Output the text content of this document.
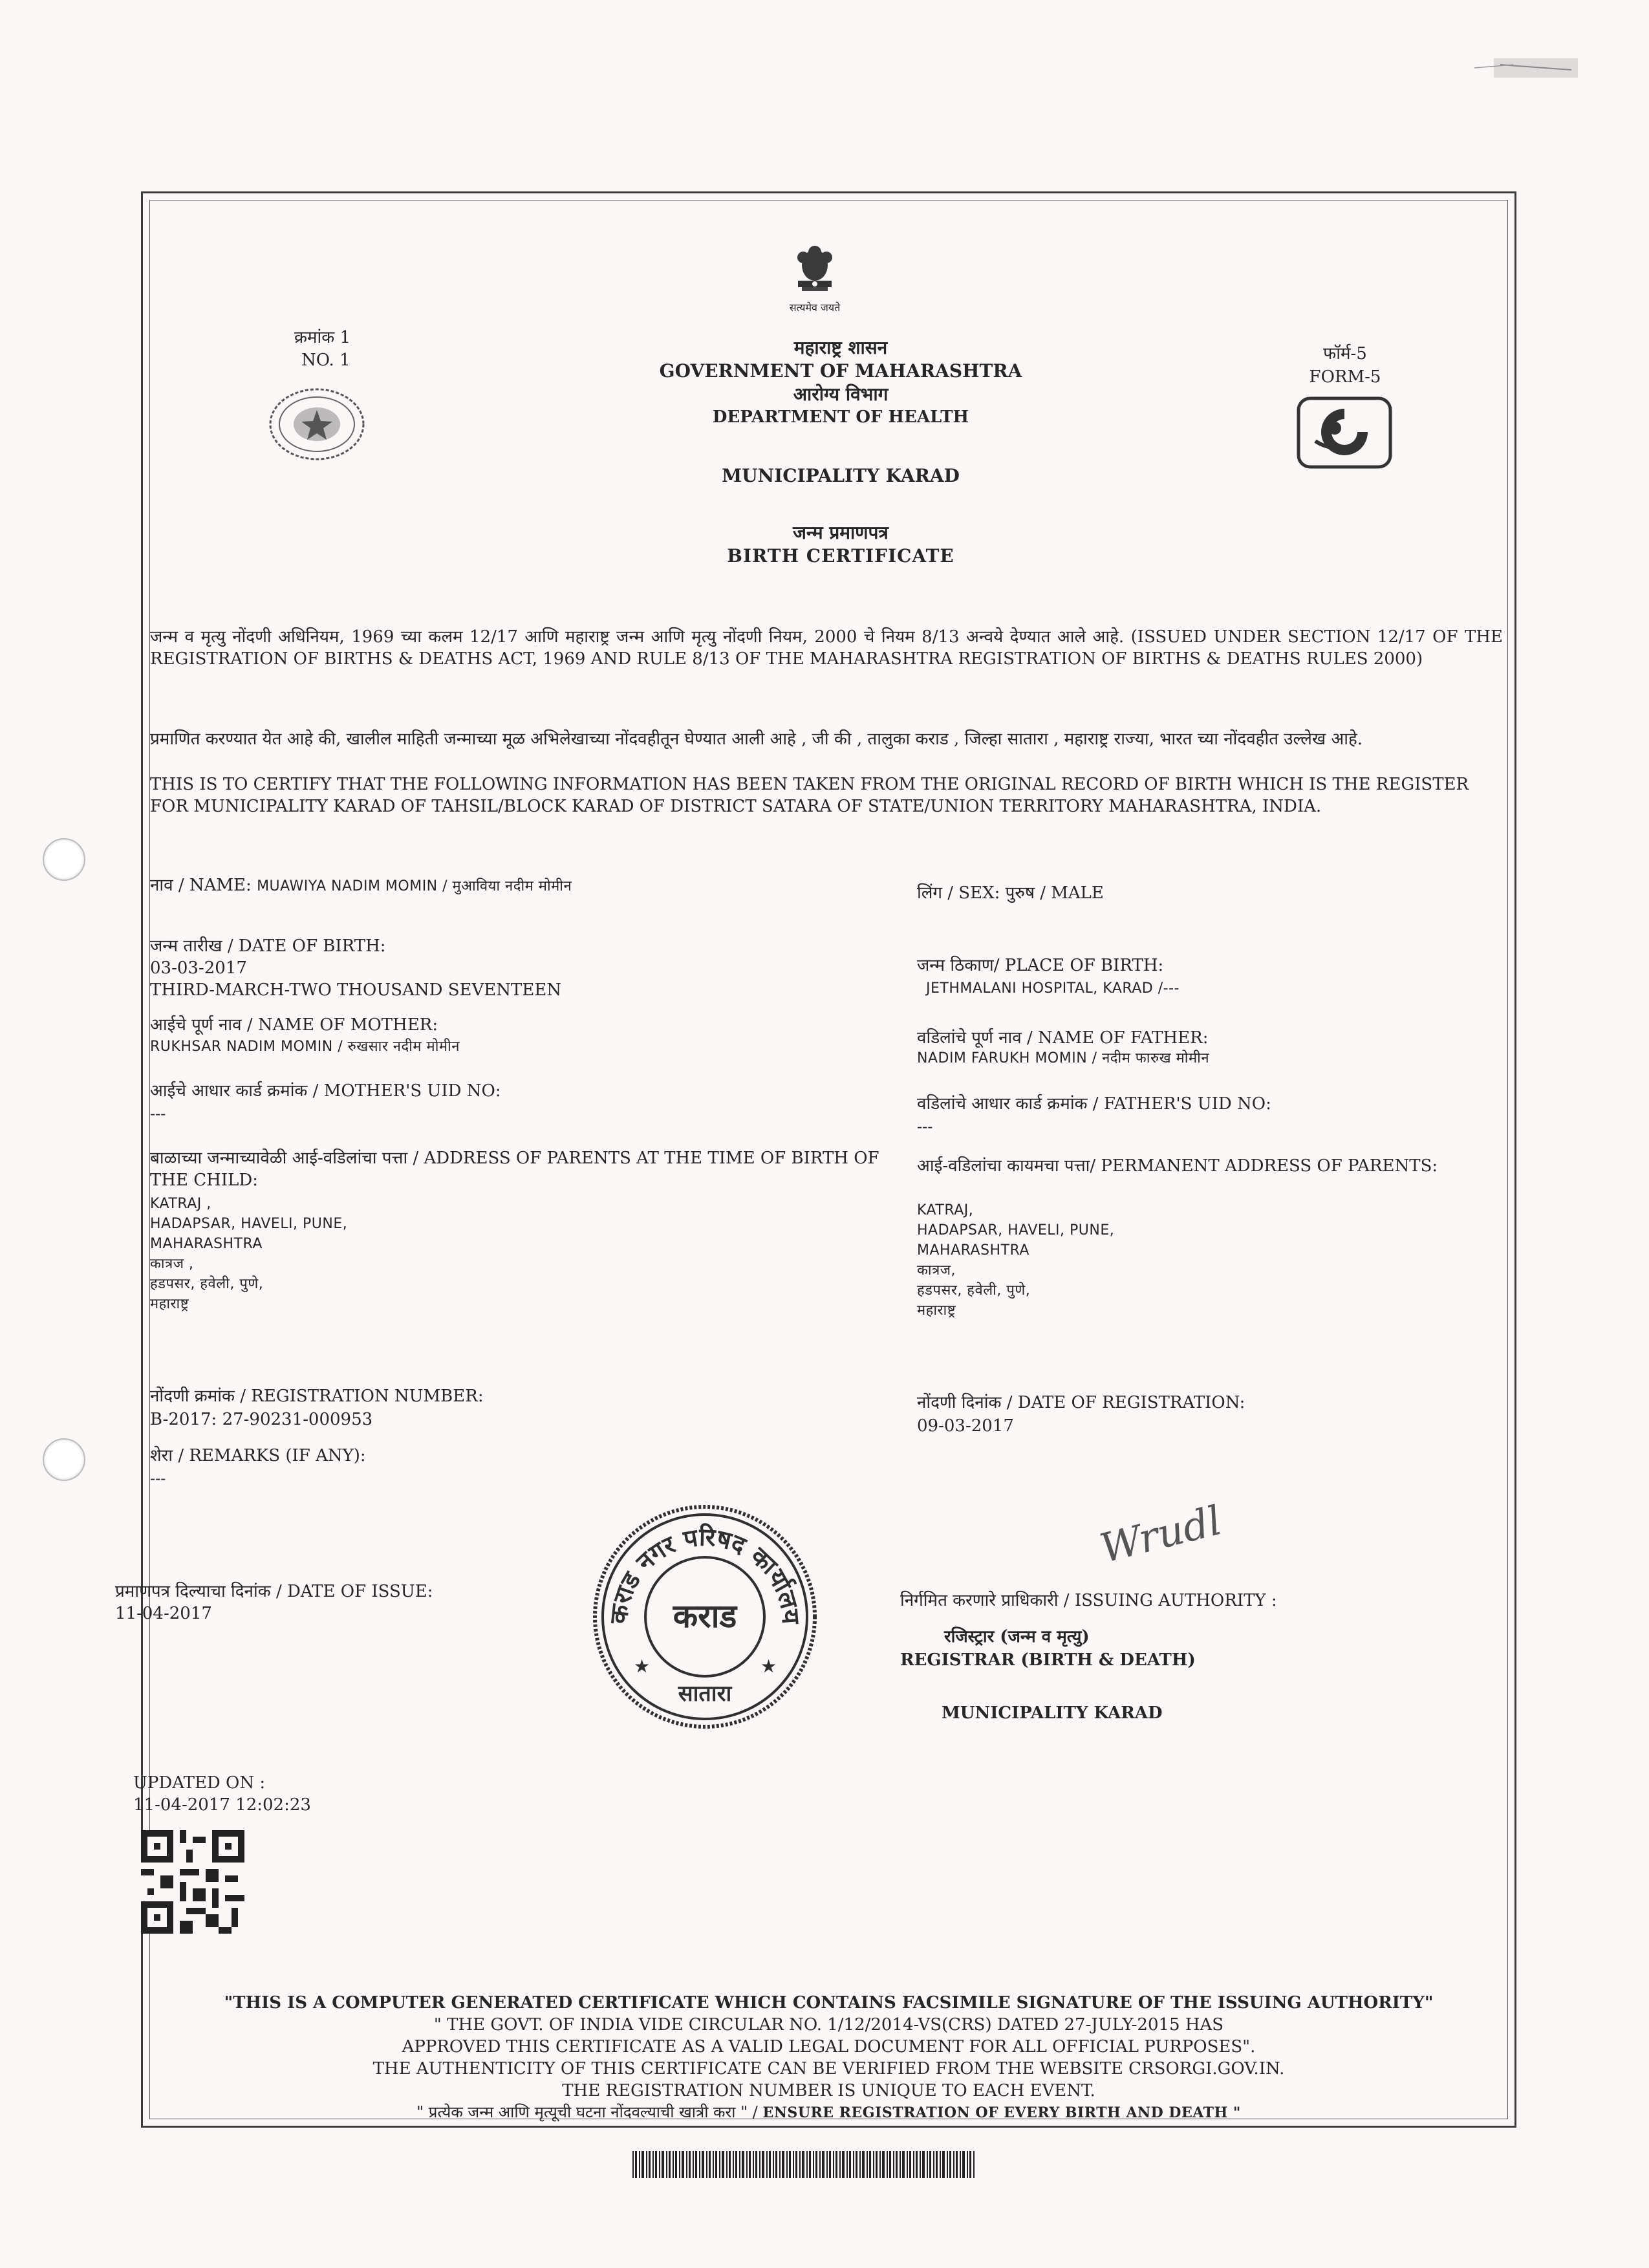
सत्यमेव जयते
क्रमांक 1
NO. 1
महाराष्ट्र शासन
GOVERNMENT OF MAHARASHTRA
आरोग्य विभाग
DEPARTMENT OF HEALTH
फॉर्म-5
FORM-5
MUNICIPALITY KARAD
जन्म प्रमाणपत्र
BIRTH CERTIFICATE
जन्म व मृत्यु नोंदणी अधिनियम, 1969 च्या कलम 12/17 आणि महाराष्ट्र जन्म आणि मृत्यु नोंदणी नियम, 2000 चे नियम 8/13 अन्वये देण्यात आले आहे. (ISSUED UNDER SECTION 12/17 OF THE REGISTRATION OF BIRTHS & DEATHS ACT, 1969 AND RULE 8/13 OF THE MAHARASHTRA REGISTRATION OF BIRTHS & DEATHS RULES 2000)
प्रमाणित करण्यात येत आहे की, खालील माहिती जन्माच्या मूळ अभिलेखाच्या नोंदवहीतून घेण्यात आली आहे , जी की , तालुका कराड , जिल्हा सातारा , महाराष्ट्र राज्या, भारत च्या नोंदवहीत उल्लेख आहे.
THIS IS TO CERTIFY THAT THE FOLLOWING INFORMATION HAS BEEN TAKEN FROM THE ORIGINAL RECORD OF BIRTH WHICH IS THE REGISTER FOR MUNICIPALITY KARAD OF TAHSIL/BLOCK KARAD OF DISTRICT SATARA OF STATE/UNION TERRITORY MAHARASHTRA, INDIA.
नाव / NAME: MUAWIYA NADIM MOMIN / मुआविया नदीम मोमीन	लिंग / SEX: पुरुष / MALE
जन्म तारीख / DATE OF BIRTH:
03-03-2017
THIRD-MARCH-TWO THOUSAND SEVENTEEN
जन्म ठिकाण/ PLACE OF BIRTH:
JETHMALANI HOSPITAL, KARAD /---
आईचे पूर्ण नाव / NAME OF MOTHER:
RUKHSAR NADIM MOMIN / रुखसार नदीम मोमीन	वडिलांचे पूर्ण नाव / NAME OF FATHER:
NADIM FARUKH MOMIN / नदीम फारुख मोमीन
आईचे आधार कार्ड क्रमांक / MOTHER'S UID NO:
---	वडिलांचे आधार कार्ड क्रमांक / FATHER'S UID NO:
---
बाळाच्या जन्माच्यावेळी आई-वडिलांचा पत्ता / ADDRESS OF PARENTS AT THE TIME OF BIRTH OF THE CHILD:
KATRAJ ,
HADAPSAR, HAVELI, PUNE,
MAHARASHTRA
कात्रज ,
हडपसर, हवेली, पुणे,
महाराष्ट्र
आई-वडिलांचा कायमचा पत्ता/ PERMANENT ADDRESS OF PARENTS:
KATRAJ,
HADAPSAR, HAVELI, PUNE,
MAHARASHTRA
कात्रज,
हडपसर, हवेली, पुणे,
महाराष्ट्र
नोंदणी क्रमांक / REGISTRATION NUMBER:
B-2017: 27-90231-000953
नोंदणी दिनांक / DATE OF REGISTRATION:
09-03-2017
शेरा / REMARKS (IF ANY):
---
कराड नगर परिषद कार्यालय
कराड
सातारा
★	★
प्रमाणपत्र दिल्याचा दिनांक / DATE OF ISSUE:
11-04-2017
Wrudl
निर्गमित करणारे प्राधिकारी / ISSUING AUTHORITY :
रजिस्ट्रार (जन्म व मृत्यु)
REGISTRAR (BIRTH & DEATH)
MUNICIPALITY KARAD
UPDATED ON :
11-04-2017 12:02:23
"THIS IS A COMPUTER GENERATED CERTIFICATE WHICH CONTAINS FACSIMILE SIGNATURE OF THE ISSUING AUTHORITY"
" THE GOVT. OF INDIA VIDE CIRCULAR NO. 1/12/2014-VS(CRS) DATED 27-JULY-2015 HAS
APPROVED THIS CERTIFICATE AS A VALID LEGAL DOCUMENT FOR ALL OFFICIAL PURPOSES".
THE AUTHENTICITY OF THIS CERTIFICATE CAN BE VERIFIED FROM THE WEBSITE CRSORGI.GOV.IN.
THE REGISTRATION NUMBER IS UNIQUE TO EACH EVENT.
" प्रत्येक जन्म आणि मृत्यूची घटना नोंदवल्याची खात्री करा " / ENSURE REGISTRATION OF EVERY BIRTH AND DEATH "
